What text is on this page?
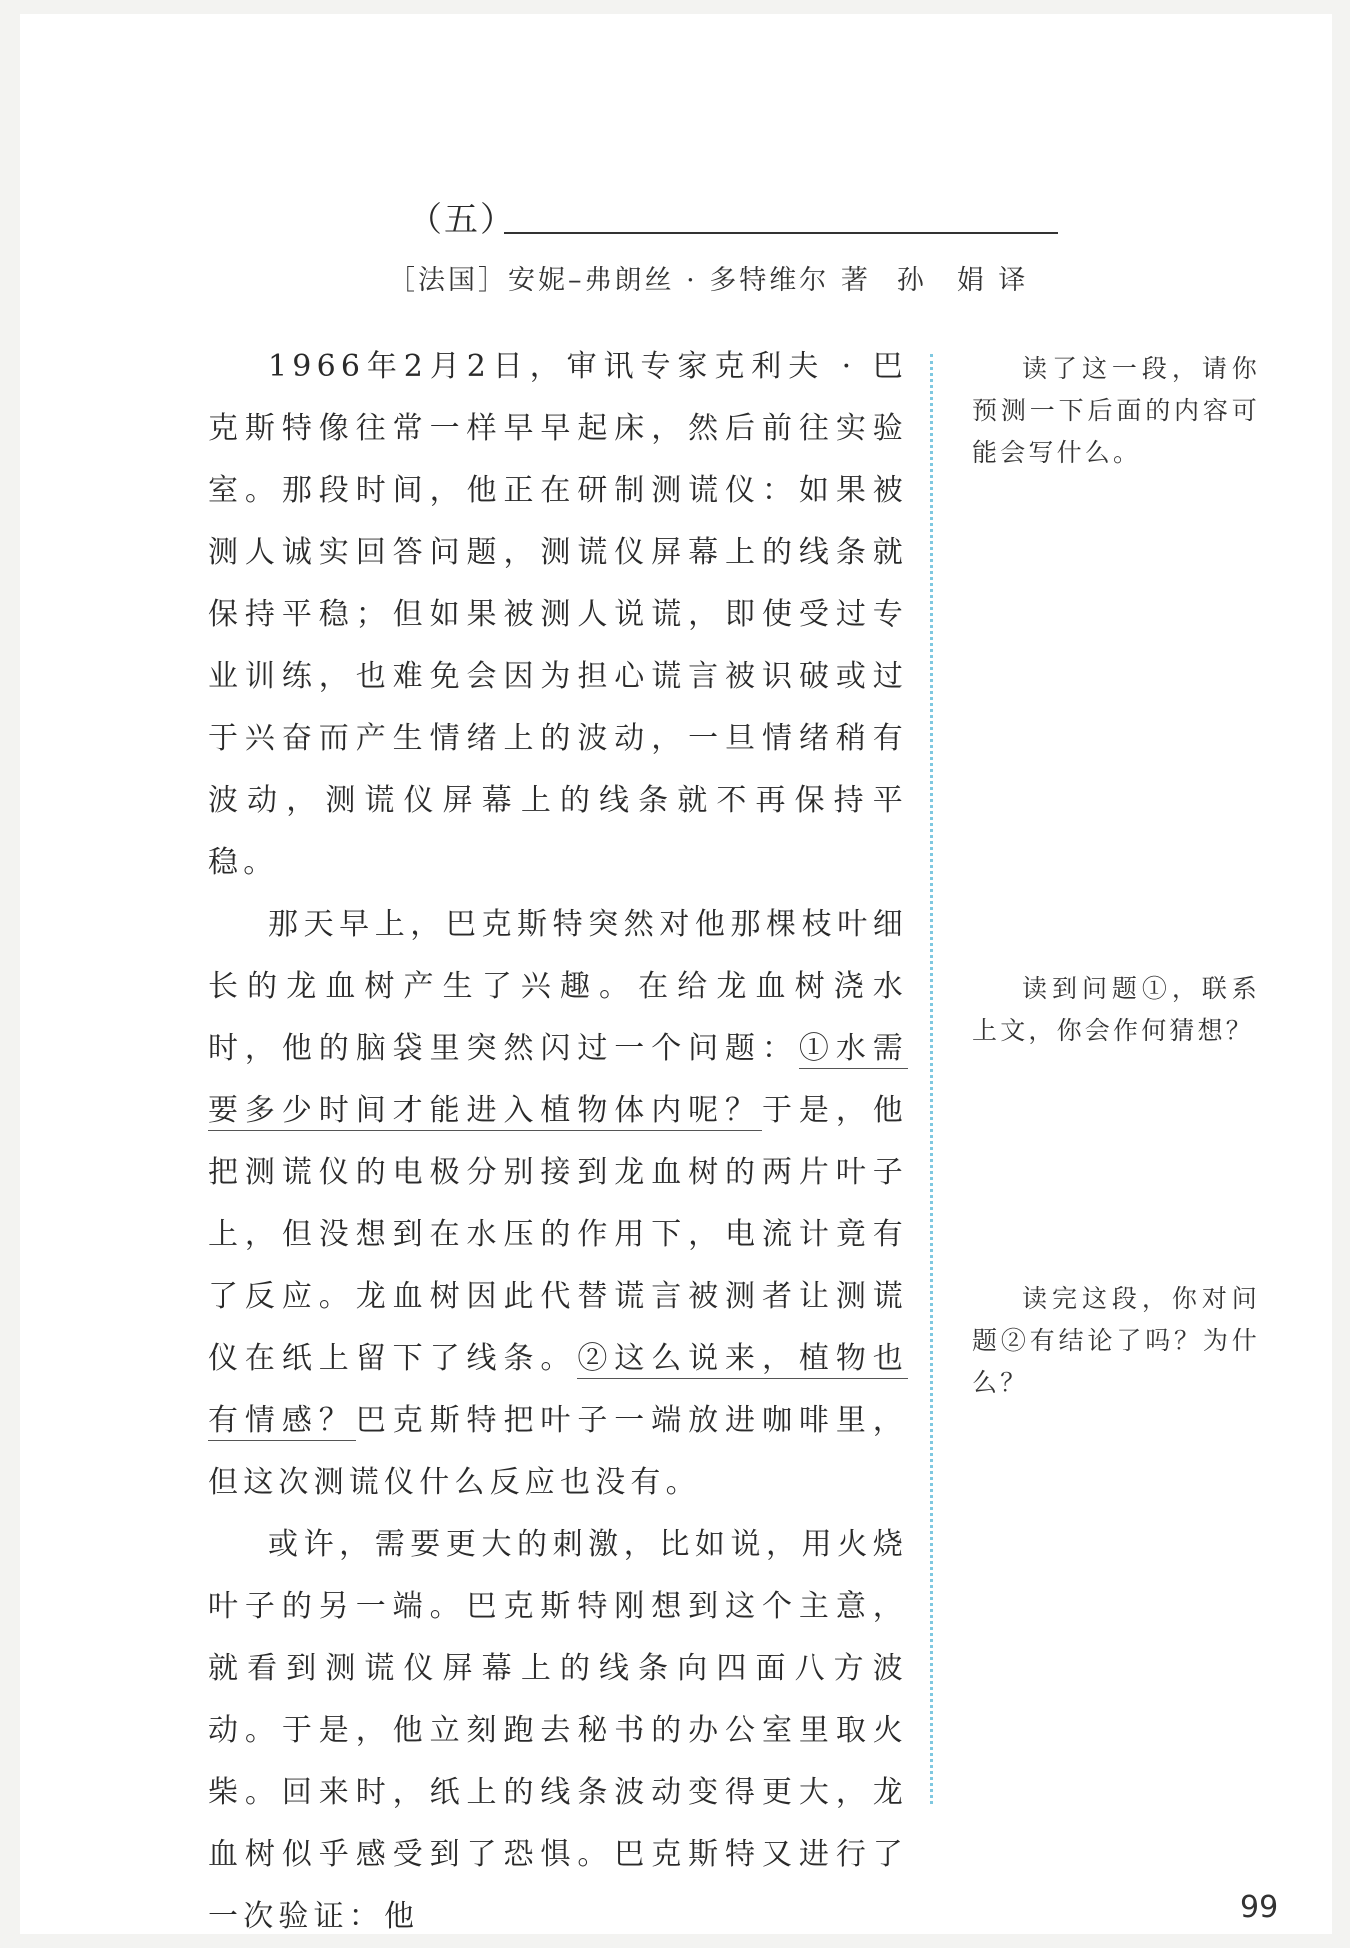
（五）
［法国］安妮–弗朗丝 · 多特维尔 著 孙　娟 译

1966年2月2日，审讯专家克利夫 · 巴克斯特像往常一样早早起床，然后前往实验室。那段时间，他正在研制测谎仪：如果被测人诚实回答问题，测谎仪屏幕上的线条就保持平稳；但如果被测人说谎，即使受过专业训练，也难免会因为担心谎言被识破或过于兴奋而产生情绪上的波动，一旦情绪稍有波动，测谎仪屏幕上的线条就不再保持平稳。

那天早上，巴克斯特突然对他那棵枝叶细长的龙血树产生了兴趣。在给龙血树浇水时，他的脑袋里突然闪过一个问题：①水需要多少时间才能进入植物体内呢？于是，他把测谎仪的电极分别接到龙血树的两片叶子上，但没想到在水压的作用下，电流计竟有了反应。龙血树因此代替谎言被测者让测谎仪在纸上留下了线条。②这么说来，植物也有情感？巴克斯特把叶子一端放进咖啡里，但这次测谎仪什么反应也没有。

或许，需要更大的刺激，比如说，用火烧叶子的另一端。巴克斯特刚想到这个主意，就看到测谎仪屏幕上的线条向四面八方波动。于是，他立刻跑去秘书的办公室里取火柴。回来时，纸上的线条波动变得更大，龙血树似乎感受到了恐惧。巴克斯特又进行了一次验证：他

读了这一段，请你预测一下后面的内容可能会写什么。

读到问题①，联系上文，你会作何猜想？

读完这段，你对问题②有结论了吗？为什么？

99
